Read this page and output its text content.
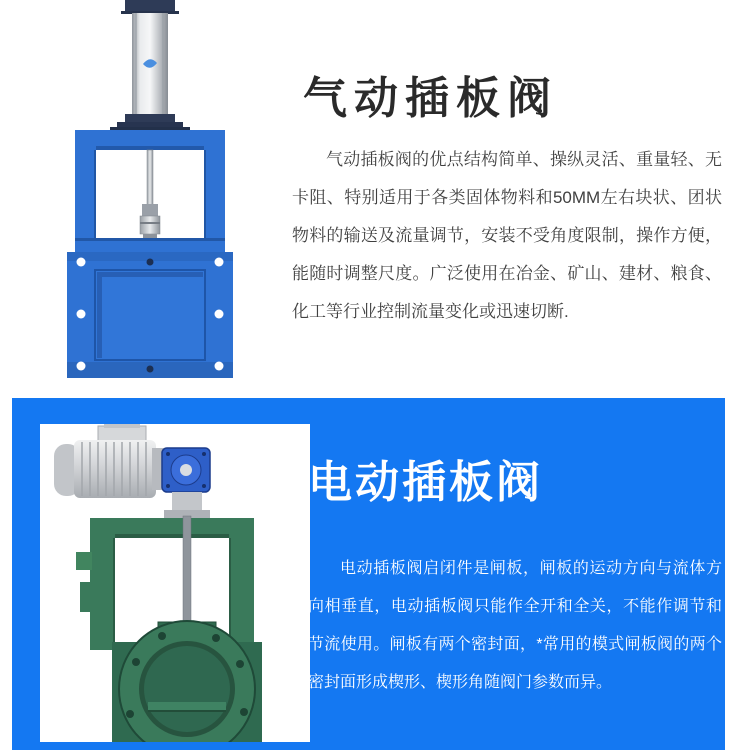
气动插板阀
气动插板阀的优点结构简单、操纵灵活、重量轻、无卡阻、特别适用于各类固体物料和50MM左右块状、团状物料的输送及流量调节，安装不受角度限制，操作方便，能随时调整尺度。广泛使用在冶金、矿山、建材、粮食、化工等行业控制流量变化或迅速切断.
电动插板阀
电动插板阀启闭件是闸板，闸板的运动方向与流体方向相垂直，电动插板阀只能作全开和全关，不能作调节和节流使用。闸板有两个密封面，*常用的模式闸板阀的两个密封面形成楔形、楔形角随阀门参数而异。
